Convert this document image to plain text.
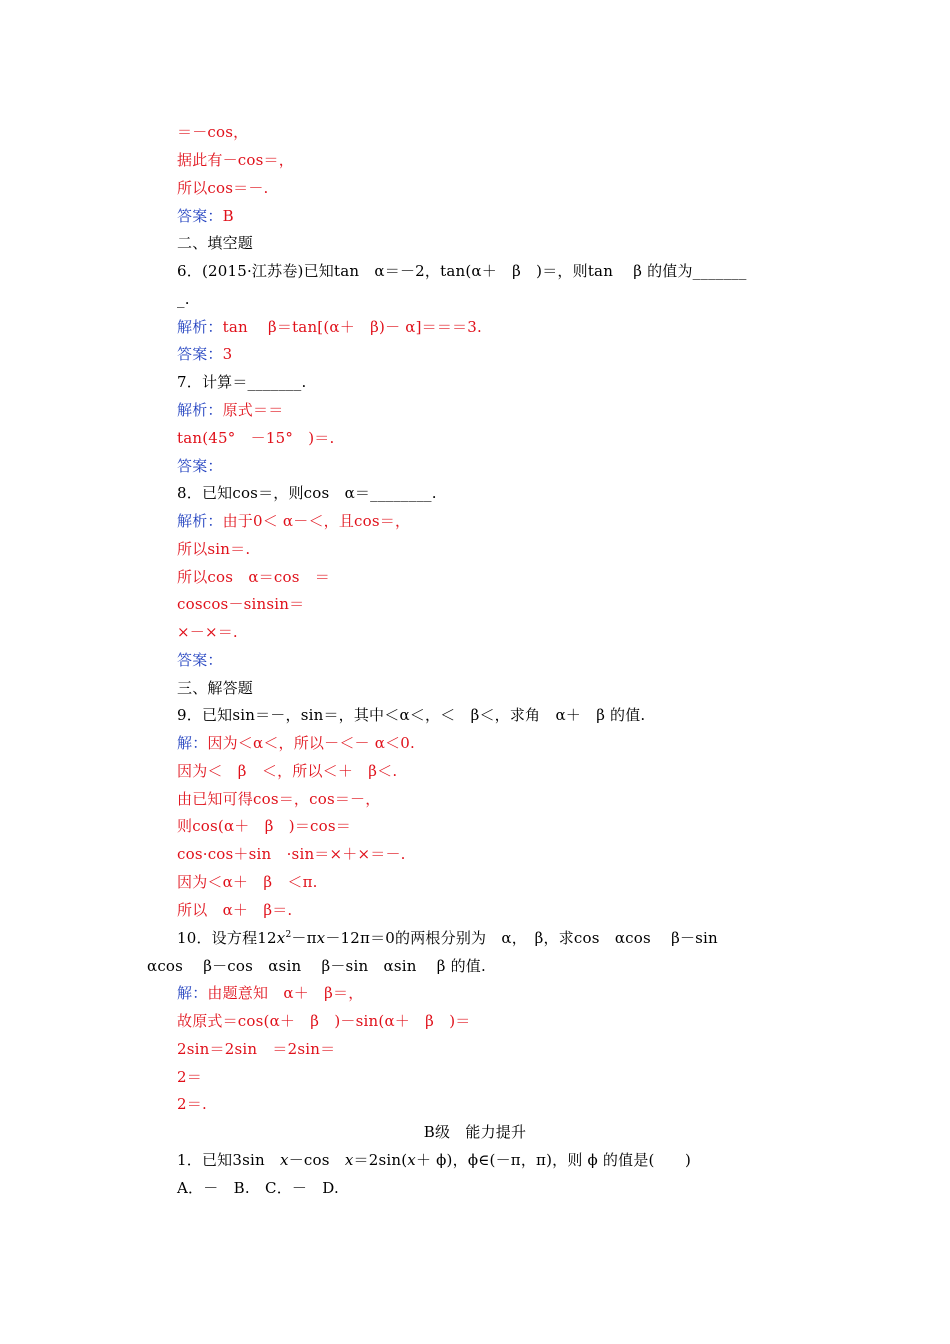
＝－cos，
据此有－cos＝，
所以cos＝－.
答案：B
二、填空题
6．(2015·江苏卷)已知tan　α＝－2，tan(α＋　β　)＝，则tan　 β 的值为_______
_.
解析：tan　 β＝tan[(α＋　β)－ α]＝＝＝3.
答案：3
7．计算＝_______.
解析：原式＝＝
tan(45°　－15°　)＝.
答案：
8．已知cos＝，则cos　α＝________.
解析：由于0＜ α－＜，且cos＝，
所以sin＝.
所以cos　α＝cos　＝
coscos－sinsin＝
×－×＝.
答案：
三、解答题
9．已知sin＝－，sin＝，其中＜α＜，＜　β＜，求角　α＋　β 的值.
解：因为＜α＜，所以－＜－ α＜0.
因为＜　β　＜，所以＜＋　β＜.
由已知可得cos＝，cos＝－，
则cos(α＋　β　)＝cos＝
cos·cos＋sin　·sin＝×＋×＝－.
因为＜α＋　β　＜π.
所以　α＋　β＝.
10．设方程$12x^2-\pi x-12\pi=0$的两根分别为　α，　β，求cos　αcos　 β－sin
αcos　 β－cos　αsin　 β－sin　αsin　 β 的值.
解：由题意知　α＋　β＝，
故原式＝cos(α＋　β　)－sin(α＋　β　)＝
2sin＝2sin　＝2sin＝
2＝
2＝.
B级　能力提升
1．已知3sin　x－cos　x＝2sin(x＋ ϕ)，ϕ∈(－π，π)，则 ϕ 的值是(　　)
A．－　B.　C．－　D.
